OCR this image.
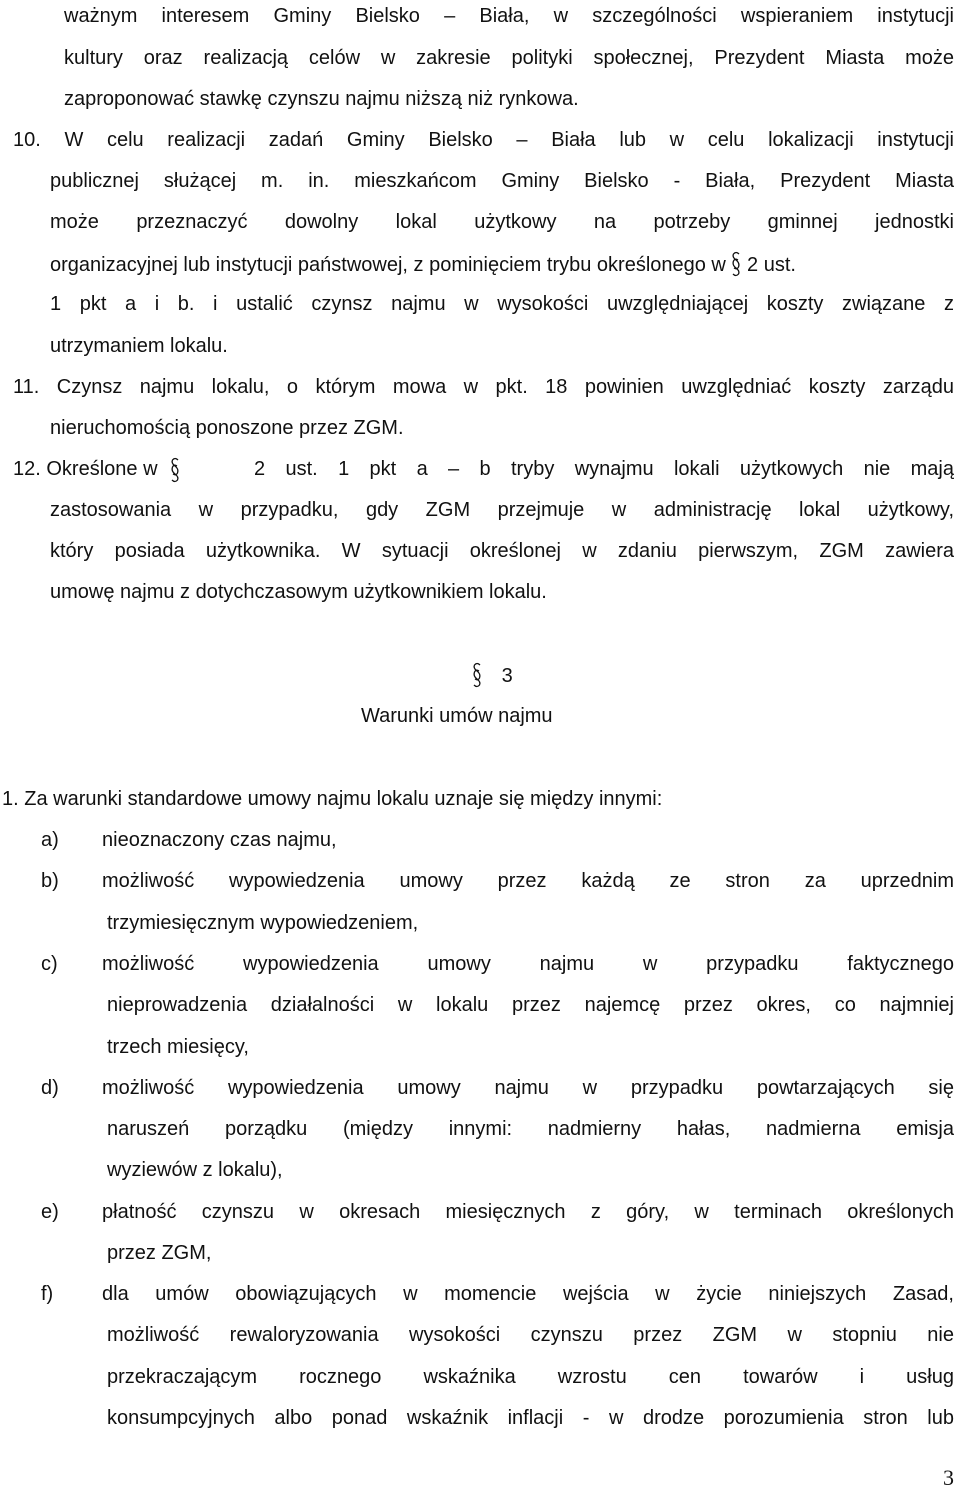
ważnym interesem Gminy Bielsko – Biała, w szczególności wspieraniem instytucji
kultury oraz realizacją celów w zakresie polityki społecznej, Prezydent Miasta może
zaproponować stawkę czynszu najmu niższą niż rynkowa.
10. W celu realizacji zadań Gminy Bielsko – Biała lub w celu lokalizacji instytucji
publicznej służącej m. in. mieszkańcom Gminy Bielsko - Biała, Prezydent Miasta
może przeznaczyć dowolny lokal użytkowy na potrzeby gminnej jednostki
organizacyjnej lub instytucji państwowej, z pominięciem trybu określonego w 2 ust.
1 pkt a i b. i ustalić czynsz najmu w wysokości uwzględniającej koszty związane z
utrzymaniem lokalu.
11. Czynsz najmu lokalu, o którym mowa w pkt. 18 powinien uwzględniać koszty zarządu
nieruchomością ponoszone przez ZGM.
12. Określone w	2 ust. 1 pkt a – b tryby wynajmu lokali użytkowych nie mają
zastosowania w przypadku, gdy ZGM przejmuje w administrację lokal użytkowy,
który posiada użytkownika. W sytuacji określonej w zdaniu pierwszym, ZGM zawiera
umowę najmu z dotychczasowym użytkownikiem lokalu.
3
Warunki umów najmu
1. Za warunki standardowe umowy najmu lokalu uznaje się między innymi:
a) nieoznaczony czas najmu,
b) możliwość wypowiedzenia umowy przez każdą ze stron za uprzednim
trzymiesięcznym wypowiedzeniem,
c) możliwość wypowiedzenia umowy najmu w przypadku faktycznego
nieprowadzenia działalności w lokalu przez najemcę przez okres, co najmniej
trzech miesięcy,
d) możliwość wypowiedzenia umowy najmu w przypadku powtarzających się
naruszeń porządku (między innymi: nadmierny hałas, nadmierna emisja
wyziewów z lokalu),
e) płatność czynszu w okresach miesięcznych z góry, w terminach określonych
przez ZGM,
f) dla umów obowiązujących w momencie wejścia w życie niniejszych Zasad,
możliwość rewaloryzowania wysokości czynszu przez ZGM w stopniu nie
przekraczającym rocznego wskaźnika wzrostu cen towarów i usług
konsumpcyjnych albo ponad wskaźnik inflacji - w drodze porozumienia stron lub
3
